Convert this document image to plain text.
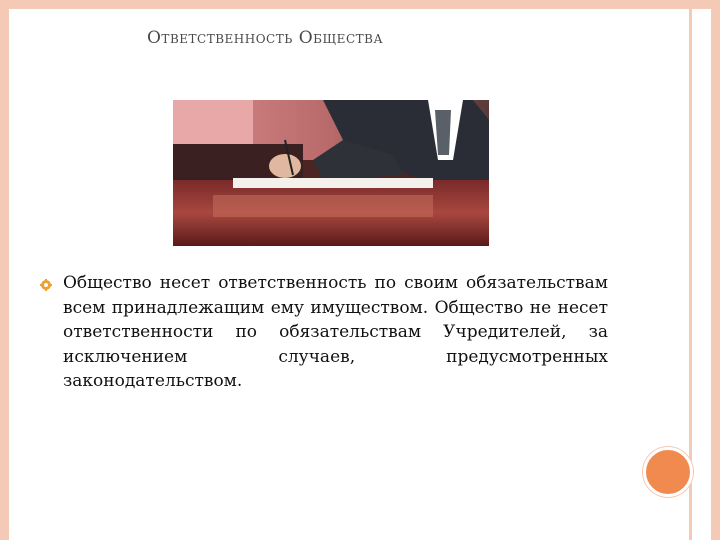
Ответственность Общества
Общество несет ответственность по своим обязательствам всем принадлежащим ему имуществом. Общество не несет ответственности по обязательствам Учредителей, за исключением случаев, предусмотренных законодательством.
